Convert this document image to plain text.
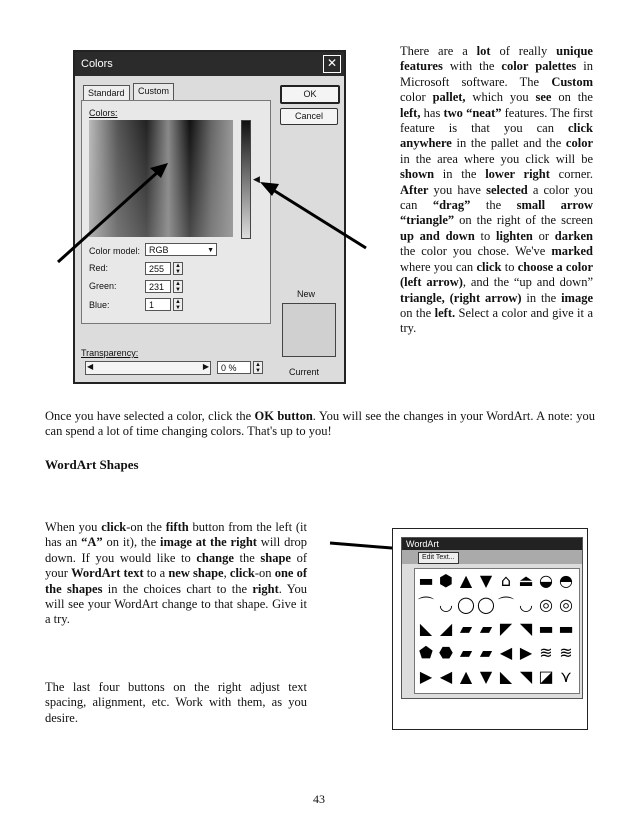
Colors	✕
Standard	Custom
Colors:
◀
Color model: RGB	▼
Red:	255	▲
▼
Green:	231	▲
▼
Blue:	1	▲
▼
OK
Cancel
New
Current
Transparency:
◀	▶	0 %	▲
▼
There are a lot of really unique features with the color palettes in Microsoft software. The Custom color pallet, which you see on the left, has two “neat” features. The first feature is that you can click anywhere in the pallet and the color in the area where you click will be shown in the lower right corner. After you have selected a color you can “drag” the small arrow “triangle” on the right of the screen up and down to lighten or darken the color you chose. We've marked where you can click to choose a color (left arrow), and the “up and down” triangle, (right arrow) in the image on the left. Select a color and give it a try.
Once you have selected a color, click the OK button. You will see the changes in your WordArt. A note: you can spend a lot of time changing colors. That's up to you!
WordArt Shapes
When you click-on the fifth button from the left (it has an “A” on it), the image at the right will drop down. If you would like to change the shape of your WordArt text to a new shape, click-on one of the shapes in the choices chart to the right. You will see your WordArt change to that shape. Give it a try.
The last four buttons on the right adjust text spacing, alignment, etc. Work with them, as you desire.
WordArt
Edit Text...
▬ ⬢ ▲ ▼ ⌂ ⏏ ◒ ◓
⌒ ◡ ◯ ◯ ⌒ ◡ ◎ ◎
◣ ◢ ▰ ▰ ◤ ◥ ▬ ▬
⬟ ⬣ ▰ ▰ ◀ ▶ ≋ ≋
▶ ◀ ▲ ▼ ◣ ◥ ◪ ⋎
43
